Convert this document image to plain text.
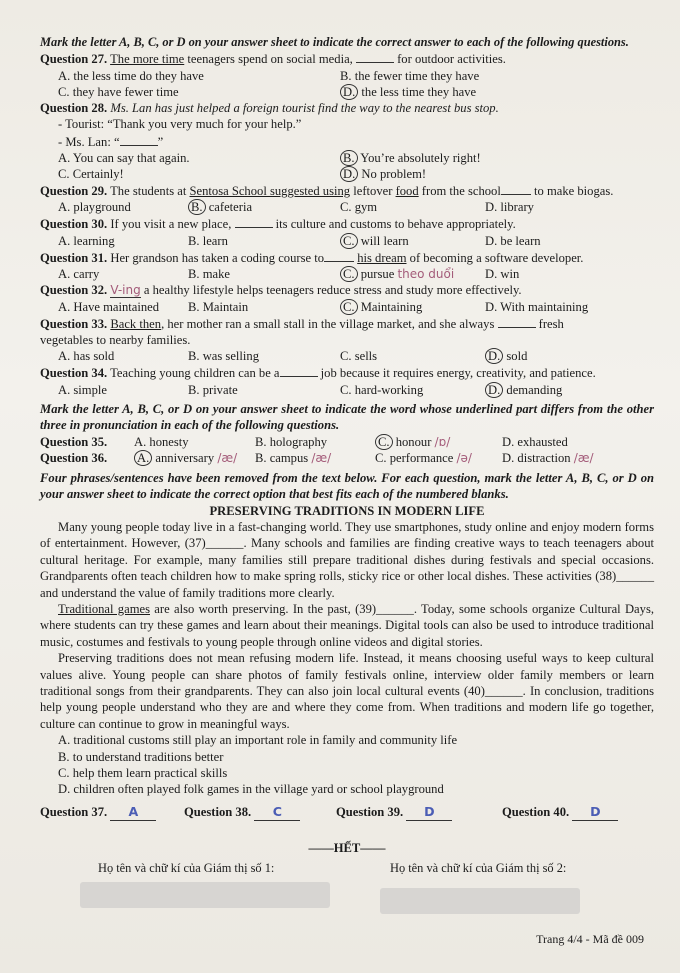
Mark the letter A, B, C, or D on your answer sheet to indicate the correct answer to each of the following questions.
Question 27. The more time teenagers spend on social media,	for outdoor activities.
A. the less time do they have	B. the fewer time they have
C. they have fewer time	D. the less time they have
Question 28. Ms. Lan has just helped a foreign tourist find the way to the nearest bus stop.
- Tourist: “Thank you very much for your help.”
- Ms. Lan: “	”
A. You can say that again.	B. You’re absolutely right!
C. Certainly!	D. No problem!
Question 29. The students at Sentosa School suggested using leftover food from the school to make biogas.
A. playground	B. cafeteria	C. gym	D. library
Question 30. If you visit a new place,	its culture and customs to behave appropriately.
A. learning	B. learn	C. will learn	D. be learn
Question 31. Her grandson has taken a coding course to	his dream of becoming a software developer.
A. carry	B. make	C. pursue theo duổi D. win
Question 32. V-ing a healthy lifestyle helps teenagers reduce stress and study more effectively.
A. Have maintained B. Maintain	C. Maintaining	D. With maintaining
Question 33. Back then, her mother ran a small stall in the village market, and she always	fresh
vegetables to nearby families.
A. has sold	B. was selling	C. sells	D. sold
Question 34. Teaching young children can be a	job because it requires energy, creativity, and patience.
A. simple	B. private	C. hard-working	D. demanding
Mark the letter A, B, C, or D on your answer sheet to indicate the word whose underlined part differs from the other three in pronunciation in each of the following questions.
Question 35. A. honesty	B. holography	C. honour /ɒ/	D. exhausted
Question 36. A. anniversary /æ/ B. campus /æ/	C. performance /ə/ D. distraction /æ/
Four phrases/sentences have been removed from the text below. For each question, mark the letter A, B, C, or D on your answer sheet to indicate the correct option that best fits each of the numbered blanks.
PRESERVING TRADITIONS IN MODERN LIFE
Many young people today live in a fast-changing world. They use smartphones, study online and enjoy modern forms of entertainment. However, (37)______. Many schools and families are finding creative ways to teach teenagers about cultural heritage. For example, many families still prepare traditional dishes during festivals and special occasions. Grandparents often teach children how to make spring rolls, sticky rice or other local dishes. These activities (38)______ and understand the value of family traditions more clearly.
Traditional games are also worth preserving. In the past, (39)______. Today, some schools organize Cultural Days, where students can try these games and learn about their meanings. Digital tools can also be used to introduce traditional music, costumes and festivals to young people through online videos and digital stories.
Preserving traditions does not mean refusing modern life. Instead, it means choosing useful ways to keep cultural values alive. Young people can share photos of family festivals online, interview older family members or learn traditional songs from their grandparents. They can also join local cultural events (40)______. In conclusion, traditions help young people understand who they are and where they come from. When traditions and modern life go together, culture can continue to grow in meaningful ways.
A. traditional customs still play an important role in family and community life
B. to understand traditions better
C. help them learn practical skills
D. children often played folk games in the village yard or school playground
Question 37. A	Question 38. C	Question 39. D	Question 40. D
——HẾT——
Họ tên và chữ kí của Giám thị số 1:	Họ tên và chữ kí của Giám thị số 2:
Trang 4/4 - Mã đề 009
